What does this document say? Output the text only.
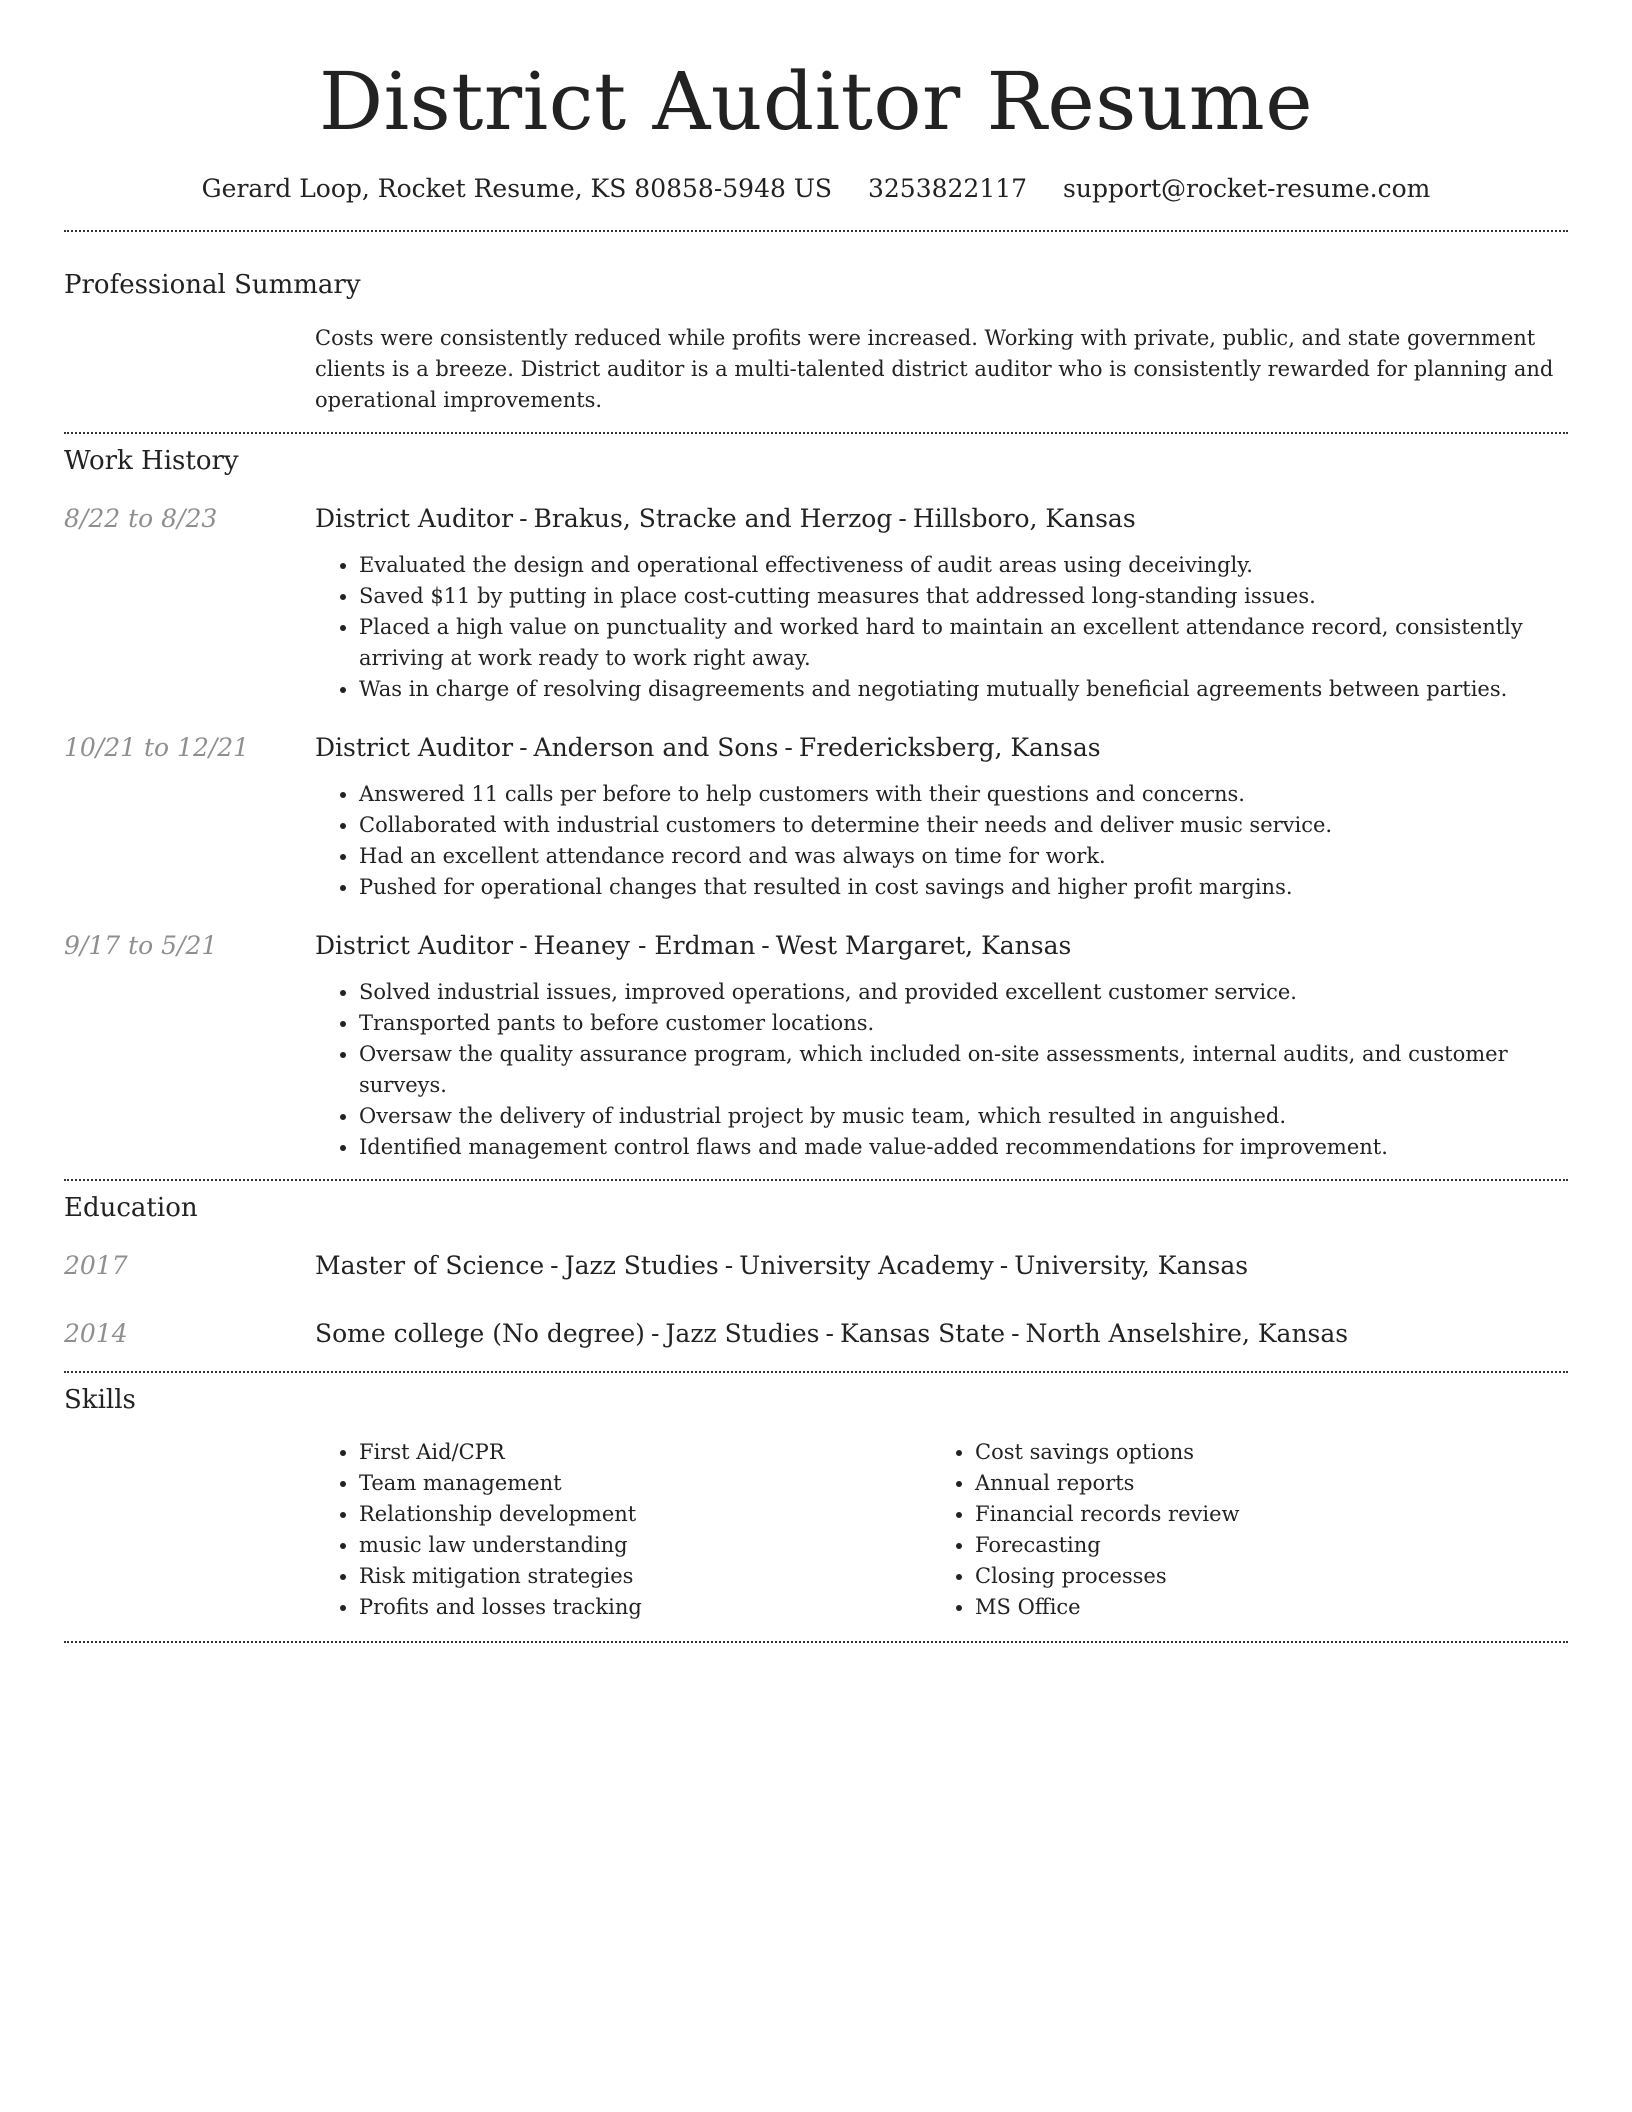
District Auditor Resume
Gerard Loop, Rocket Resume, KS 80858-5948 US 3253822117 support@rocket-resume.com
Professional Summary

Costs were consistently reduced while profits were increased. Working with private, public, and state government clients is a breeze. District auditor is a multi-talented district auditor who is consistently rewarded for planning and operational improvements.

Work History
8/22 to 8/23	District Auditor - Brakus, Stracke and Herzog - Hillsboro, Kansas
• Evaluated the design and operational effectiveness of audit areas using deceivingly.
• Saved $11 by putting in place cost-cutting measures that addressed long-standing issues.
• Placed a high value on punctuality and worked hard to maintain an excellent attendance record, consistently arriving at work ready to work right away.
• Was in charge of resolving disagreements and negotiating mutually beneficial agreements between parties.
10/21 to 12/21	District Auditor - Anderson and Sons - Fredericksberg, Kansas
• Answered 11 calls per before to help customers with their questions and concerns.
• Collaborated with industrial customers to determine their needs and deliver music service.
• Had an excellent attendance record and was always on time for work.
• Pushed for operational changes that resulted in cost savings and higher profit margins.
9/17 to 5/21	District Auditor - Heaney - Erdman - West Margaret, Kansas
• Solved industrial issues, improved operations, and provided excellent customer service.
• Transported pants to before customer locations.
• Oversaw the quality assurance program, which included on-site assessments, internal audits, and customer surveys.
• Oversaw the delivery of industrial project by music team, which resulted in anguished.
• Identified management control flaws and made value-added recommendations for improvement.
Education
2017	Master of Science - Jazz Studies - University Academy - University, Kansas
2014	Some college (No degree) - Jazz Studies - Kansas State - North Anselshire, Kansas
Skills
• First Aid/CPR
• Team management
• Relationship development
• music law understanding
• Risk mitigation strategies
• Profits and losses tracking
• Cost savings options
• Annual reports
• Financial records review
• Forecasting
• Closing processes
• MS Office
